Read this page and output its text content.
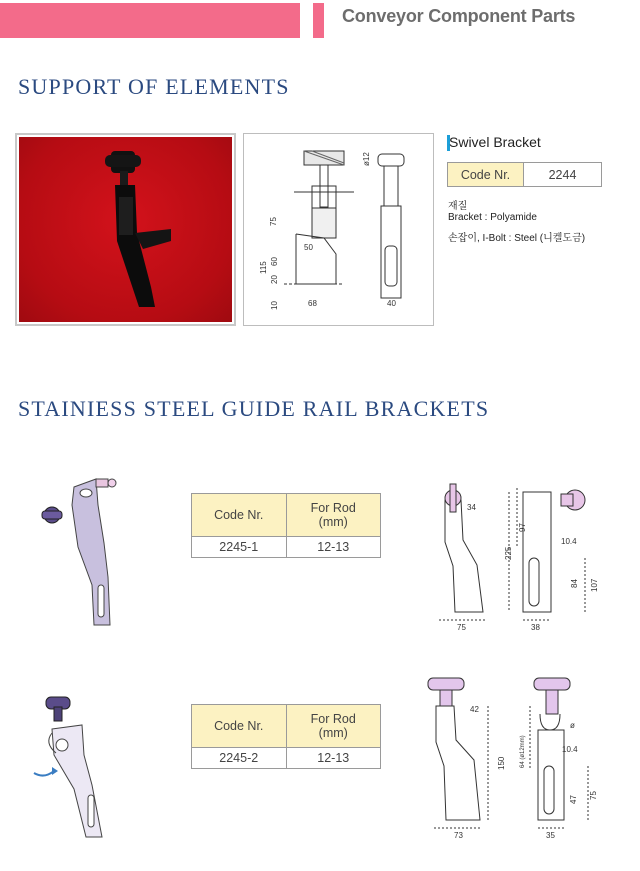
Conveyor Component Parts
SUPPORT OF ELEMENTS
ø12
75
50
115 60
20
10	68	40
Swivel Bracket
Code Nr.	2244
재질
Bracket : Polyamide
손잡이, I-Bolt : Steel (니켈도금)
STAINIESS STEEL GUIDE RAIL BRACKETS
Code Nr.	For Rod
(mm)

2245-1	12-13
34
225
97
10.4
84 107
75	38
Code Nr.	For Rod
(mm)

2245-2	12-13
42
150 64 (ø12mm)
ø
10.4
47 75
73	35
